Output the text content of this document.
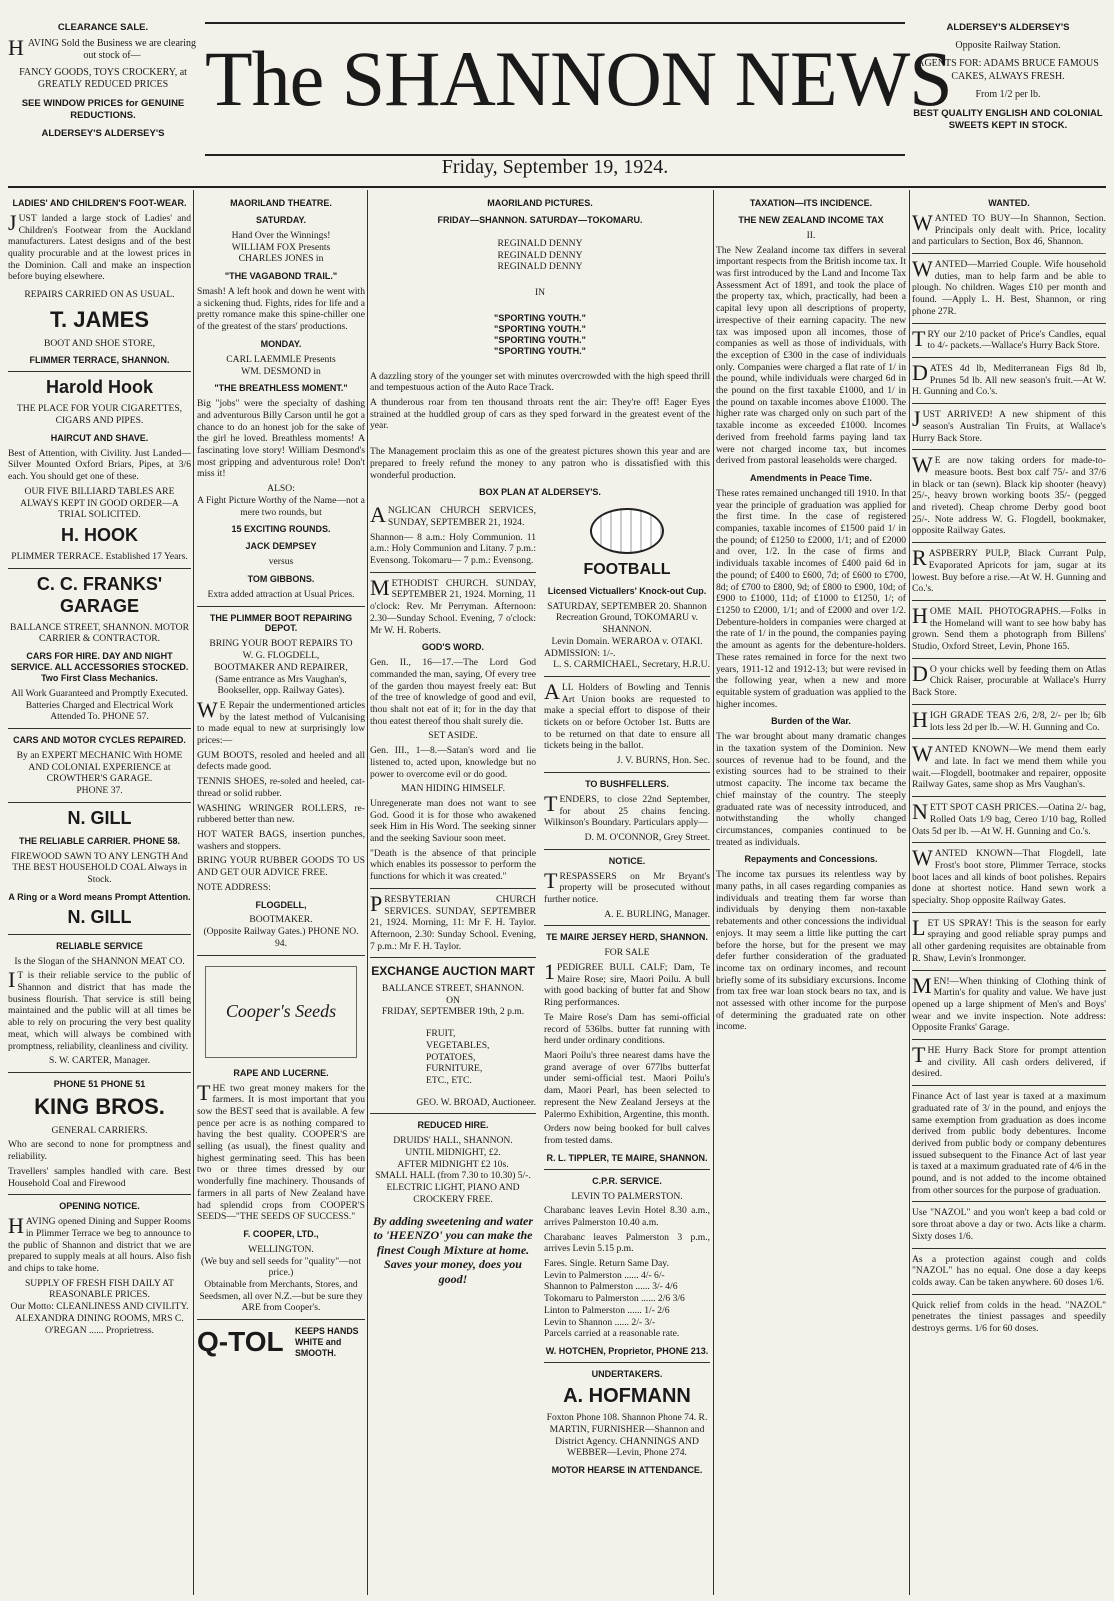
CLEARANCE SALE.
HAVING Sold the Business we are clearing out stock of—
FANCY GOODS, TOYS CROCKERY, at
GREATLY REDUCED PRICES
SEE WINDOW PRICES for GENUINE REDUCTIONS.
ALDERSEY'S ALDERSEY'S
The SHANNON NEWS
Friday, September 19, 1924.
ALDERSEY'S ALDERSEY'S
Opposite Railway Station.
AGENTS FOR: ADAMS BRUCE FAMOUS CAKES, ALWAYS FRESH.
From 1/2 per lb.
BEST QUALITY ENGLISH AND COLONIAL SWEETS KEPT IN STOCK.
LADIES' AND CHILDREN'S FOOT-WEAR.
JUST landed a large stock of Ladies' and Children's Footwear from the Auckland manufacturers. Latest designs and of the best quality procurable and at the lowest prices in the Dominion. Call and make an inspection before buying elsewhere.
REPAIRS CARRIED ON AS USUAL.
T. JAMES
BOOT AND SHOE STORE,
FLIMMER TERRACE, SHANNON.
Harold Hook
THE PLACE FOR YOUR CIGARETTES, CIGARS AND PIPES.
HAIRCUT AND SHAVE.
Best of Attention, with Civility. Just Landed—Silver Mounted Oxford Briars, Pipes, at 3/6 each. You should get one of these.
OUR FIVE BILLIARD TABLES ARE ALWAYS KEPT IN GOOD ORDER—A TRIAL SOLICITED.
H. HOOK
PLIMMER TERRACE. Established 17 Years.
C. C. FRANKS' GARAGE
BALLANCE STREET, SHANNON. MOTOR CARRIER & CONTRACTOR.
CARS FOR HIRE. DAY AND NIGHT SERVICE. ALL ACCESSORIES STOCKED. Two First Class Mechanics.
All Work Guaranteed and Promptly Executed.
Batteries Charged and Electrical Work Attended To. PHONE 57.
CARS AND MOTOR CYCLES REPAIRED.
By an EXPERT MECHANIC With HOME AND COLONIAL EXPERIENCE at CROWTHER'S GARAGE.
PHONE 37.
N. GILL
THE RELIABLE CARRIER. PHONE 58.
FIREWOOD SAWN TO ANY LENGTH And THE BEST HOUSEHOLD COAL Always in Stock.
A Ring or a Word means Prompt Attention.
N. GILL
RELIABLE SERVICE
Is the Slogan of the SHANNON MEAT CO.
IT is their reliable service to the public of Shannon and district that has made the business flourish. That service is still being maintained and the public will at all times be able to rely on procuring the very best quality meat, which will always be combined with promptness, reliability, cleanliness and civility.
S. W. CARTER, Manager.
PHONE 51 PHONE 51
KING BROS.
GENERAL CARRIERS.
Who are second to none for promptness and reliability.
Travellers' samples handled with care. Best Household Coal and Firewood
OPENING NOTICE.
HAVING opened Dining and Supper Rooms in Plimmer Terrace we beg to announce to the public of Shannon and district that we are prepared to supply meals at all hours. Also fish and chips to take home.
SUPPLY OF FRESH FISH DAILY AT REASONABLE PRICES.
Our Motto: CLEANLINESS AND CIVILITY.
ALEXANDRA DINING ROOMS, MRS C. O'REGAN ...... Proprietress.
MAORILAND THEATRE.
SATURDAY.
Hand Over the Winnings!
WILLIAM FOX Presents
CHARLES JONES in
"THE VAGABOND TRAIL."
Smash! A left hook and down he went with a sickening thud. Fights, rides for life and a pretty romance make this spine-chiller one of the greatest of the stars' productions.
MONDAY.
CARL LAEMMLE Presents
WM. DESMOND in
"THE BREATHLESS MOMENT."
Big "jobs" were the specialty of dashing and adventurous Billy Carson until he got a chance to do an honest job for the sake of the girl he loved. Breathless moments! A fascinating love story! William Desmond's most gripping and adventurous role! Don't miss it!
ALSO:
A Fight Picture Worthy of the Name—not a mere two rounds, but
15 EXCITING ROUNDS.
JACK DEMPSEY
versus
TOM GIBBONS.
Extra added attraction at Usual Prices.
THE PLIMMER BOOT REPAIRING DEPOT.
BRING YOUR BOOT REPAIRS TO
W. G. FLOGDELL,
BOOTMAKER AND REPAIRER,
(Same entrance as Mrs Vaughan's, Bookseller, opp. Railway Gates).
WE Repair the undermentioned articles by the latest method of Vulcanising to made equal to new at surprisingly low prices:—
GUM BOOTS, resoled and heeled and all defects made good.
TENNIS SHOES, re-soled and heeled, cat-thread or solid rubber.
WASHING WRINGER ROLLERS, re-rubbered better than new.
HOT WATER BAGS, insertion punches, washers and stoppers.
BRING YOUR RUBBER GOODS TO US AND GET OUR ADVICE FREE.
NOTE ADDRESS:
FLOGDELL,
BOOTMAKER.
(Opposite Railway Gates.) PHONE NO. 94.
Cooper's Seeds
RAPE AND LUCERNE.
THE two great money makers for the farmers. It is most important that you sow the BEST seed that is available. A few pence per acre is as nothing compared to having the best quality. COOPER'S are selling (as usual), the finest quality and highest germinating seed. This has been two or three times dressed by our wonderfully fine machinery. Thousands of farmers in all parts of New Zealand have had splendid crops from COOPER'S SEEDS—"THE SEEDS OF SUCCESS."
F. COOPER, LTD.,
WELLINGTON.
(We buy and sell seeds for "quality"—not price.)
Obtainable from Merchants, Stores, and Seedsmen, all over N.Z.—but be sure they ARE from Cooper's.
Q-TOL KEEPS HANDS WHITE and SMOOTH.
MAORILAND PICTURES.
FRIDAY—SHANNON. SATURDAY—TOKOMARU.
REGINALD DENNY
REGINALD DENNY
REGINALD DENNY
IN
"SPORTING YOUTH."
"SPORTING YOUTH."
"SPORTING YOUTH."
"SPORTING YOUTH."
A dazzling story of the younger set with minutes overcrowded with the high speed thrill and tempestuous action of the Auto Race Track.
A thunderous roar from ten thousand throats rent the air: They're off! Eager Eyes strained at the huddled group of cars as they sped forward in the greatest event of the year.
The Management proclaim this as one of the greatest pictures shown this year and are prepared to freely refund the money to any patron who is dissatisfied with this wonderful production.
BOX PLAN AT ALDERSEY'S.
ANGLICAN CHURCH SERVICES, SUNDAY, SEPTEMBER 21, 1924.
Shannon— 8 a.m.: Holy Communion. 11 a.m.: Holy Communion and Litany. 7 p.m.: Evensong. Tokomaru— 7 p.m.: Evensong.
METHODIST CHURCH. SUNDAY, SEPTEMBER 21, 1924. Morning, 11 o'clock: Rev. Mr Perryman. Afternoon: 2.30—Sunday School. Evening, 7 o'clock: Mr W. H. Roberts.
GOD'S WORD.
Gen. II., 16—17.—The Lord God commanded the man, saying, Of every tree of the garden thou mayest freely eat: But of the tree of knowledge of good and evil, thou shalt not eat of it; for in the day that thou eatest thereof thou shalt surely die.
SET ASIDE.
Gen. III., 1—8.—Satan's word and lie listened to, acted upon, knowledge but no power to overcome evil or do good.
MAN HIDING HIMSELF.
Unregenerate man does not want to see God. Good it is for those who awakened seek Him in His Word. The seeking sinner and the seeking Saviour soon meet.
"Death is the absence of that principle which enables its possessor to perform the functions for which it was created."
PRESBYTERIAN CHURCH SERVICES. SUNDAY, SEPTEMBER 21, 1924. Morning, 11: Mr F. H. Taylor. Afternoon, 2.30: Sunday School. Evening, 7 p.m.: Mr F. H. Taylor.
EXCHANGE AUCTION MART
BALLANCE STREET, SHANNON.
ON
FRIDAY, SEPTEMBER 19th, 2 p.m.
FRUIT,
VEGETABLES,
POTATOES,
FURNITURE,
ETC., ETC.
GEO. W. BROAD, Auctioneer.
REDUCED HIRE.
DRUIDS' HALL, SHANNON.
UNTIL MIDNIGHT, £2.
AFTER MIDNIGHT £2 10s.
SMALL HALL (from 7.30 to 10.30) 5/-.
ELECTRIC LIGHT, PIANO AND CROCKERY FREE.
By adding sweetening and water to 'HEENZO' you can make the finest Cough Mixture at home. Saves your money, does you good!
FOOTBALL
Licensed Victuallers' Knock-out Cup.
SATURDAY, SEPTEMBER 20. Shannon Recreation Ground, TOKOMARU v. SHANNON.
Levin Domain. WERAROA v. OTAKI.
ADMISSION: 1/-.
L. S. CARMICHAEL, Secretary, H.R.U.
ALL Holders of Bowling and Tennis Art Union books are requested to make a special effort to dispose of their tickets on or before October 1st. Butts are to be returned on that date to ensure all tickets being in the ballot.
J. V. BURNS, Hon. Sec.
TO BUSHFELLERS.
TENDERS, to close 22nd September, for about 25 chains fencing. Wilkinson's Boundary. Particulars apply—
D. M. O'CONNOR, Grey Street.
NOTICE.
TRESPASSERS on Mr Bryant's property will be prosecuted without further notice.
A. E. BURLING, Manager.
TE MAIRE JERSEY HERD, SHANNON.
FOR SALE
1PEDIGREE BULL CALF; Dam, Te Maire Rose; sire, Maori Poilu. A bull with good backing of butter fat and Show Ring performances.
Te Maire Rose's Dam has semi-official record of 536lbs. butter fat running with herd under ordinary conditions.
Maori Poilu's three nearest dams have the grand average of over 677lbs butterfat under semi-official test. Maori Poilu's dam, Maori Pearl, has been selected to represent the New Zealand Jerseys at the Palermo Exhibition, Argentine, this month.
Orders now being booked for bull calves from tested dams.
R. L. TIPPLER, TE MAIRE, SHANNON.
C.P.R. SERVICE.
LEVIN TO PALMERSTON.
Charabanc leaves Levin Hotel 8.30 a.m., arrives Palmerston 10.40 a.m.
Charabanc leaves Palmerston 3 p.m., arrives Levin 5.15 p.m.
Fares. Single. Return Same Day.
Levin to Palmerston ...... 4/- 6/-
Shannon to Palmerston ...... 3/- 4/6
Tokomaru to Palmerston ...... 2/6 3/6
Linton to Palmerston ...... 1/- 2/6
Levin to Shannon ...... 2/- 3/-
Parcels carried at a reasonable rate.
W. HOTCHEN, Proprietor, PHONE 213.
UNDERTAKERS.
A. HOFMANN
Foxton Phone 108. Shannon Phone 74. R. MARTIN, FURNISHER—Shannon and District Agency. CHANNINGS AND WEBBER—Levin, Phone 274.
MOTOR HEARSE IN ATTENDANCE.
TAXATION—ITS INCIDENCE.
THE NEW ZEALAND INCOME TAX
II.
The New Zealand income tax differs in several important respects from the British income tax. It was first introduced by the Land and Income Tax Assessment Act of 1891, and took the place of the property tax, which, practically, had been a capital levy upon all descriptions of property, irrespective of their earning capacity. The new tax was imposed upon all incomes, those of companies as well as those of individuals, with the exception of £300 in the case of individuals only. Companies were charged a flat rate of 1/ in the pound, while individuals were charged 6d in the pound on the first taxable £1000, and 1/ in the pound on taxable incomes above £1000. The higher rate was charged only on such part of the taxable income as exceeded £1000. Incomes derived from freehold farms paying land tax were not charged income tax, but incomes derived from pastoral leaseholds were charged.
Amendments in Peace Time.
These rates remained unchanged till 1910. In that year the principle of graduation was applied for the first time. In the case of registered companies, taxable incomes of £1500 paid 1/ in the pound; of £1250 to £2000, 1/1; and of £2000 and over, 1/2. In the case of firms and individuals taxable incomes of £400 paid 6d in the pound; of £400 to £600, 7d; of £600 to £700, 8d; of £700 to £800, 9d; of £800 to £900, 10d; of £900 to £1000, 11d; of £1000 to £1250, 1/; of £1250 to £2000, 1/1; and of £2000 and over 1/2. Debenture-holders in companies were charged at the rate of 1/ in the pound, the companies paying the amount as agents for the debenture-holders. These rates remained in force for the next two years, 1911-12 and 1912-13; but were revised in the following year, when a new and more equitable system of graduation was applied to the higher incomes.
Burden of the War.
The war brought about many dramatic changes in the taxation system of the Dominion. New sources of revenue had to be found, and the existing sources had to be strained to their utmost capacity. The income tax became the chief mainstay of the country. The steeply graduated rate was of necessity introduced, and notwithstanding the wholly changed circumstances, companies continued to be treated as individuals.
Repayments and Concessions.
The income tax pursues its relentless way by many paths, in all cases regarding companies as individuals and treating them far worse than individuals by denying them non-taxable rebatements and other concessions the individual enjoys. It may seem a little like putting the cart before the horse, but for the present we may defer further consideration of the graduated income tax on ordinary incomes, and recount briefly some of its subsidiary excursions. Income from tax free war loan stock bears no tax, and is not assessed with other income for the purpose of determining the graduated rate on other income.
WANTED.
WANTED TO BUY—In Shannon, Section. Principals only dealt with. Price, locality and particulars to Section, Box 46, Shannon.
WANTED—Married Couple. Wife household duties, man to help farm and be able to plough. No children. Wages £10 per month and found. —Apply L. H. Best, Shannon, or ring phone 27R.
TRY our 2/10 packet of Price's Candles, equal to 4/- packets.—Wallace's Hurry Back Store.
DATES 4d lb, Mediterranean Figs 8d lb, Prunes 5d lb. All new season's fruit.—At W. H. Gunning and Co.'s.
JUST ARRIVED! A new shipment of this season's Australian Tin Fruits, at Wallace's Hurry Back Store.
WE are now taking orders for made-to-measure boots. Best box calf 75/- and 37/6 in black or tan (sewn). Black kip shooter (heavy) 25/-, heavy brown working boots 35/- (pegged and riveted). Cheap chrome Derby good boot 25/-. Note address W. G. Flogdell, bookmaker, opposite Railway Gates.
RASPBERRY PULP, Black Currant Pulp, Evaporated Apricots for jam, sugar at its lowest. Buy before a rise.—At W. H. Gunning and Co.'s.
HOME MAIL PHOTOGRAPHS.—Folks in the Homeland will want to see how baby has grown. Send them a photograph from Billens' Studio, Oxford Street, Levin, Phone 165.
DO your chicks well by feeding them on Atlas Chick Raiser, procurable at Wallace's Hurry Back Store.
HIGH GRADE TEAS 2/6, 2/8, 2/- per lb; 6lb lots less 2d per lb.—W. H. Gunning and Co.
WANTED KNOWN—We mend them early and late. In fact we mend them while you wait.—Flogdell, bootmaker and repairer, opposite Railway Gates, same shop as Mrs Vaughan's.
NETT SPOT CASH PRICES.—Oatina 2/- bag, Rolled Oats 1/9 bag, Cereo 1/10 bag, Rolled Oats 5d per lb. —At W. H. Gunning and Co.'s.
WANTED KNOWN—That Flogdell, late Frost's boot store, Plimmer Terrace, stocks boot laces and all kinds of boot polishes. Repairs done at shortest notice. Hand sewn work a specialty. Shop opposite Railway Gates.
LET US SPRAY! This is the season for early spraying and good reliable spray pumps and all other gardening requisites are obtainable from R. Shaw, Levin's Ironmonger.
MEN!—When thinking of Clothing think of Martin's for quality and value. We have just opened up a large shipment of Men's and Boys' wear and we invite inspection. Note address: Opposite Franks' Garage.
THE Hurry Back Store for prompt attention and civility. All cash orders delivered, if desired.
Finance Act of last year is taxed at a maximum graduated rate of 3/ in the pound, and enjoys the same exemption from graduation as does income derived from public body debentures. Income derived from public body or company debentures issued subsequent to the Finance Act of last year is taxed at a maximum graduated rate of 4/6 in the pound, and is not added to the income obtained from other sources for the purpose of graduation.
Use "NAZOL" and you won't keep a bad cold or sore throat above a day or two. Acts like a charm. Sixty doses 1/6.
As a protection against cough and colds "NAZOL" has no equal. One dose a day keeps colds away. Can be taken anywhere. 60 doses 1/6.
Quick relief from colds in the head. "NAZOL" penetrates the tiniest passages and speedily destroys germs. 1/6 for 60 doses.
